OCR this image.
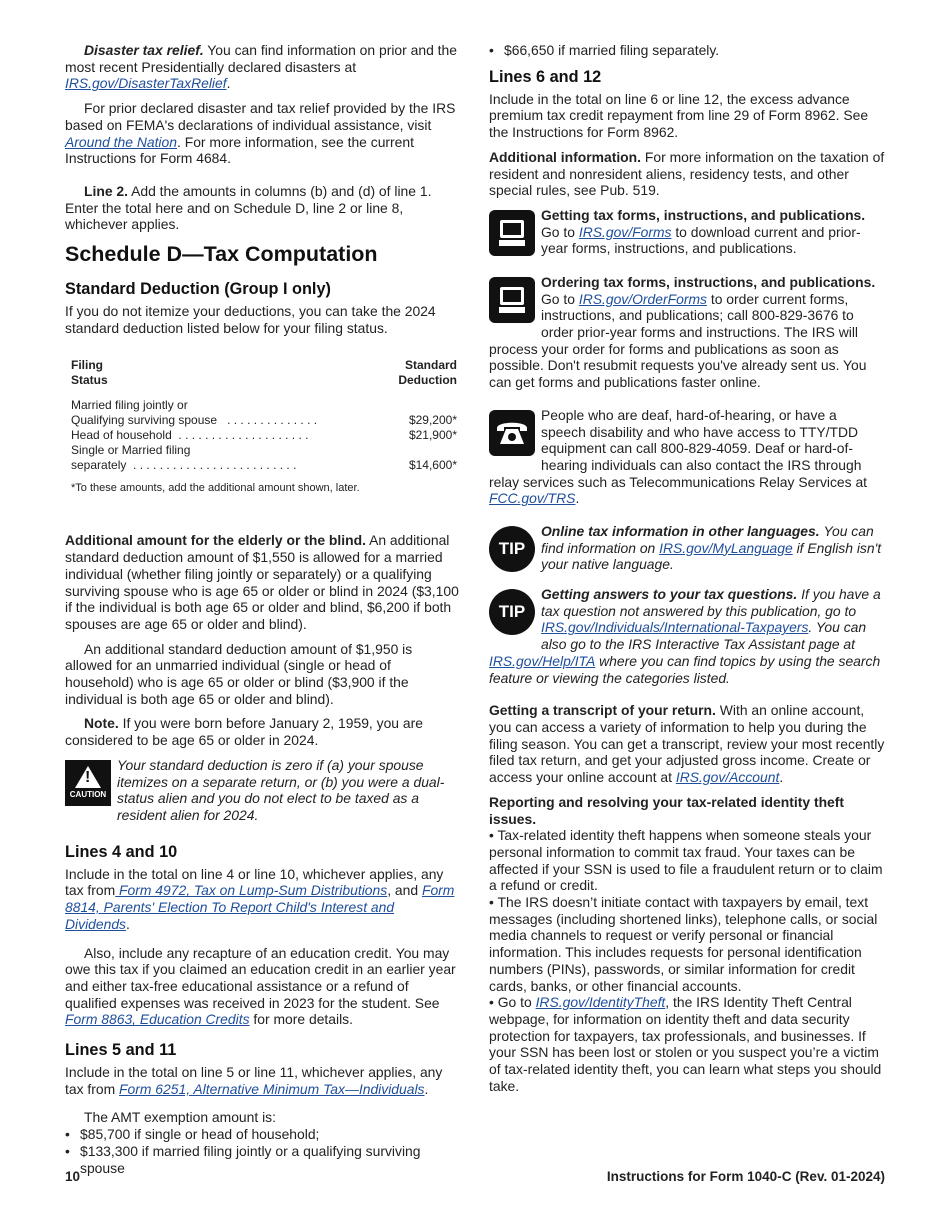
Disaster tax relief. You can find information on prior and the most recent Presidentially declared disasters at IRS.gov/DisasterTaxRelief.

For prior declared disaster and tax relief provided by the IRS based on FEMA's declarations of individual assistance, visit Around the Nation. For more information, see the current Instructions for Form 4684.

Line 2. Add the amounts in columns (b) and (d) of line 1. Enter the total here and on Schedule D, line 2 or line 8, whichever applies.

Schedule D—Tax Computation
Standard Deduction (Group I only)

If you do not itemize your deductions, you can take the 2024 standard deduction listed below for your filing status.

Filing
Status
Standard
Deduction
Married filing jointly or
Qualifying surviving spouse   . . . . . . . . . . . . . .	$29,200*
Head of household  . . . . . . . . . . . . . . . . . . . .	$21,900*
Single or Married filing
separately  . . . . . . . . . . . . . . . . . . . . . . . . .	$14,600*
*To these amounts, add the additional amount shown, later.

Additional amount for the elderly or the blind. An additional standard deduction amount of $1,550 is allowed for a married individual (whether filing jointly or separately) or a qualifying surviving spouse who is age 65 or older or blind in 2024 ($3,100 if the individual is both age 65 or older and blind, $6,200 if both spouses are age 65 or older and blind).

An additional standard deduction amount of $1,950 is allowed for an unmarried individual (single or head of household) who is age 65 or older or blind ($3,900 if the individual is both age 65 or older and blind).

Note. If you were born before January 2, 1959, you are considered to be age 65 or older in 2024.

!
CAUTION
Your standard deduction is zero if (a) your spouse itemizes on a separate return, or (b) you were a dual-status alien and you do not elect to be taxed as a resident alien for 2024.
Lines 4 and 10

Include in the total on line 4 or line 10, whichever applies, any tax from Form 4972, Tax on Lump-Sum Distributions, and Form 8814, Parents' Election To Report Child's Interest and Dividends.

Also, include any recapture of an education credit. You may owe this tax if you claimed an education credit in an earlier year and either tax-free educational assistance or a refund of qualified expenses was received in 2023 for the student. See Form 8863, Education Credits for more details.

Lines 5 and 11

Include in the total on line 5 or line 11, whichever applies, any tax from Form 6251, Alternative Minimum Tax—Individuals.

The AMT exemption amount is:

• $85,700 if single or head of household;
• $133,300 if married filing jointly or a qualifying surviving spouse
• $66,650 if married filing separately.
Lines 6 and 12

Include in the total on line 6 or line 12, the excess advance premium tax credit repayment from line 29 of Form 8962. See the Instructions for Form 8962.

Additional information. For more information on the taxation of resident and nonresident aliens, residency tests, and other special rules, see Pub. 519.

Getting tax forms, instructions, and publications. Go to IRS.gov/Forms to download current and prior-year forms, instructions, and publications.
Ordering tax forms, instructions, and publications. Go to IRS.gov/OrderForms to order current forms, instructions, and publications; call 800-829-3676 to order prior-year forms and instructions. The IRS will process your order for forms and publications as soon as possible. Don't resubmit requests you've already sent us. You can get forms and publications faster online.
People who are deaf, hard-of-hearing, or have a speech disability and who have access to TTY/TDD equipment can call 800-829-4059. Deaf or hard-of-hearing individuals can also contact the IRS through relay services such as Telecommunications Relay Services at FCC.gov/TRS.
TIP
Online tax information in other languages. You can find information on IRS.gov/MyLanguage if English isn't your native language.
TIP
Getting answers to your tax questions. If you have a tax question not answered by this publication, go to IRS.gov/Individuals/International-Taxpayers. You can also go to the IRS Interactive Tax Assistant page at IRS.gov/Help/ITA where you can find topics by using the search feature or viewing the categories listed.

Getting a transcript of your return. With an online account, you can access a variety of information to help you during the filing season. You can get a transcript, review your most recently filed tax return, and get your adjusted gross income. Create or access your online account at IRS.gov/Account.

Reporting and resolving your tax-related identity theft issues.

• Tax-related identity theft happens when someone steals your personal information to commit tax fraud. Your taxes can be affected if your SSN is used to file a fraudulent return or to claim a refund or credit.
• The IRS doesn’t initiate contact with taxpayers by email, text messages (including shortened links), telephone calls, or social media channels to request or verify personal or financial information. This includes requests for personal identification numbers (PINs), passwords, or similar information for credit cards, banks, or other financial accounts.
• Go to IRS.gov/IdentityTheft, the IRS Identity Theft Central webpage, for information on identity theft and data security protection for taxpayers, tax professionals, and businesses. If your SSN has been lost or stolen or you suspect you’re a victim of tax-related identity theft, you can learn what steps you should take.
10	Instructions for Form 1040-C (Rev. 01-2024)
